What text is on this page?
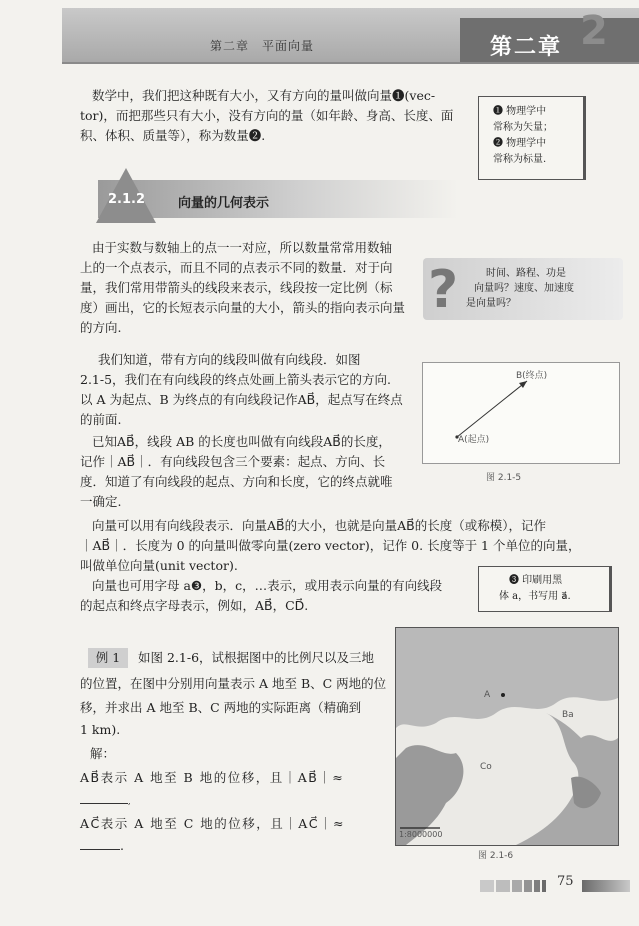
第二章　平面向量	2
第二章
数学中，我们把这种既有大小，又有方向的量叫做向量❶(vec-
tor)，而把那些只有大小，没有方向的量（如年龄、身高、长度、面
积、体积、质量等），称为数量❷.
❶ 物理学中
常称为矢量；
❷ 物理学中
常称为标量.
2.1.2	向量的几何表示
由于实数与数轴上的点一一对应，所以数量常常用数轴
上的一个点表示，而且不同的点表示不同的数量．对于向
量，我们常用带箭头的线段来表示，线段按一定比例（标
度）画出，它的长短表示向量的大小，箭头的指向表示向量
的方向.
?	时间、路程、功是
向量吗？速度、加速度
是向量吗？
我们知道，带有方向的线段叫做有向线段．如图
2.1-5，我们在有向线段的终点处画上箭头表示它的方向.
以 A 为起点、B 为终点的有向线段记作AB⃗，起点写在终点
的前面.
B(终点)
A(起点)
图 2.1-5
已知AB⃗，线段 AB 的长度也叫做有向线段AB⃗的长度，
记作｜AB⃗｜．有向线段包含三个要素：起点、方向、长
度．知道了有向线段的起点、方向和长度，它的终点就唯
一确定.
向量可以用有向线段表示．向量AB⃗的大小，也就是向量AB⃗的长度（或称模），记作
｜AB⃗｜．长度为 0 的向量叫做零向量(zero vector)，记作 0. 长度等于 1 个单位的向量，
叫做单位向量(unit vector).
向量也可用字母 a❸，b，c，…表示，或用表示向量的有向线段
的起点和终点字母表示，例如，AB⃗，CD⃗.
❸ 印刷用黑
体 a，书写用 a⃗.
例 1	如图 2.1-6，试根据图中的比例尺以及三地
的位置，在图中分别用向量表示 A 地至 B、C 两地的位
移，并求出 A 地至 B、C 两地的实际距离（精确到
1 km).
解：
AB⃗表示 A 地至 B 地的位移，且｜AB⃗｜≈
,
AC⃗表示 A 地至 C 地的位移，且｜AC⃗｜≈
.
A
Ba
Co
1:8000000
图 2.1-6
75
